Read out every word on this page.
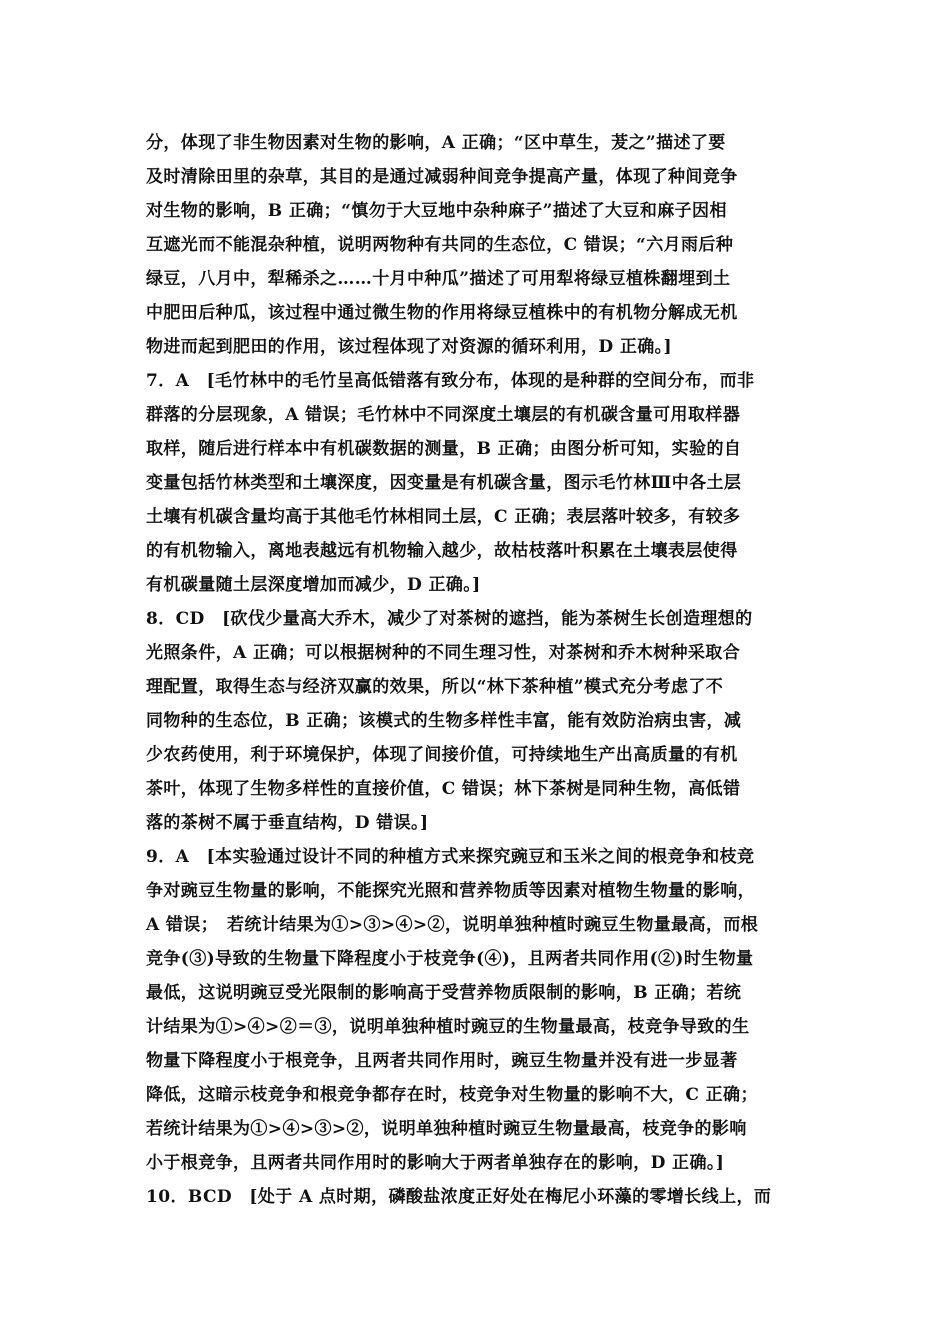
分，体现了非生物因素对生物的影响，A 正确；“区中草生，茇之”描述了要
及时清除田里的杂草，其目的是通过减弱种间竞争提高产量，体现了种间竞争
对生物的影响，B 正确；“慎勿于大豆地中杂种麻子”描述了大豆和麻子因相
互遮光而不能混杂种植，说明两物种有共同的生态位，C 错误；“六月雨后种
绿豆，八月中，犁稀杀之……十月中种瓜”描述了可用犁将绿豆植株翻埋到土
中肥田后种瓜，该过程中通过微生物的作用将绿豆植株中的有机物分解成无机
物进而起到肥田的作用，该过程体现了对资源的循环利用，D 正确。]
7．A　[毛竹林中的毛竹呈高低错落有致分布，体现的是种群的空间分布，而非
群落的分层现象，A 错误；毛竹林中不同深度土壤层的有机碳含量可用取样器
取样，随后进行样本中有机碳数据的测量，B 正确；由图分析可知，实验的自
变量包括竹林类型和土壤深度，因变量是有机碳含量，图示毛竹林Ⅲ中各土层
土壤有机碳含量均高于其他毛竹林相同土层，C 正确；表层落叶较多，有较多
的有机物输入，离地表越远有机物输入越少，故枯枝落叶积累在土壤表层使得
有机碳量随土层深度增加而减少，D 正确。]
8．CD　[砍伐少量高大乔木，减少了对茶树的遮挡，能为茶树生长创造理想的
光照条件，A 正确；可以根据树种的不同生理习性，对茶树和乔木树种采取合
理配置，取得生态与经济双赢的效果，所以“林下茶种植”模式充分考虑了不
同物种的生态位，B 正确；该模式的生物多样性丰富，能有效防治病虫害，减
少农药使用，利于环境保护，体现了间接价值，可持续地生产出高质量的有机
茶叶，体现了生物多样性的直接价值，C 错误；林下茶树是同种生物，高低错
落的茶树不属于垂直结构，D 错误。]
9．A　[本实验通过设计不同的种植方式来探究豌豆和玉米之间的根竞争和枝竞
争对豌豆生物量的影响，不能探究光照和营养物质等因素对植物生物量的影响，
A 错误；　若统计结果为①>③>④>②，说明单独种植时豌豆生物量最高，而根
竞争(③)导致的生物量下降程度小于枝竞争(④)，且两者共同作用(②)时生物量
最低，这说明豌豆受光限制的影响高于受营养物质限制的影响，B 正确；若统
计结果为①>④>②＝③，说明单独种植时豌豆的生物量最高，枝竞争导致的生
物量下降程度小于根竞争，且两者共同作用时，豌豆生物量并没有进一步显著
降低，这暗示枝竞争和根竞争都存在时，枝竞争对生物量的影响不大，C 正确；
若统计结果为①>④>③>②，说明单独种植时豌豆生物量最高，枝竞争的影响
小于根竞争，且两者共同作用时的影响大于两者单独存在的影响，D 正确。]
10．BCD　[处于 A 点时期，磷酸盐浓度正好处在梅尼小环藻的零增长线上，而
